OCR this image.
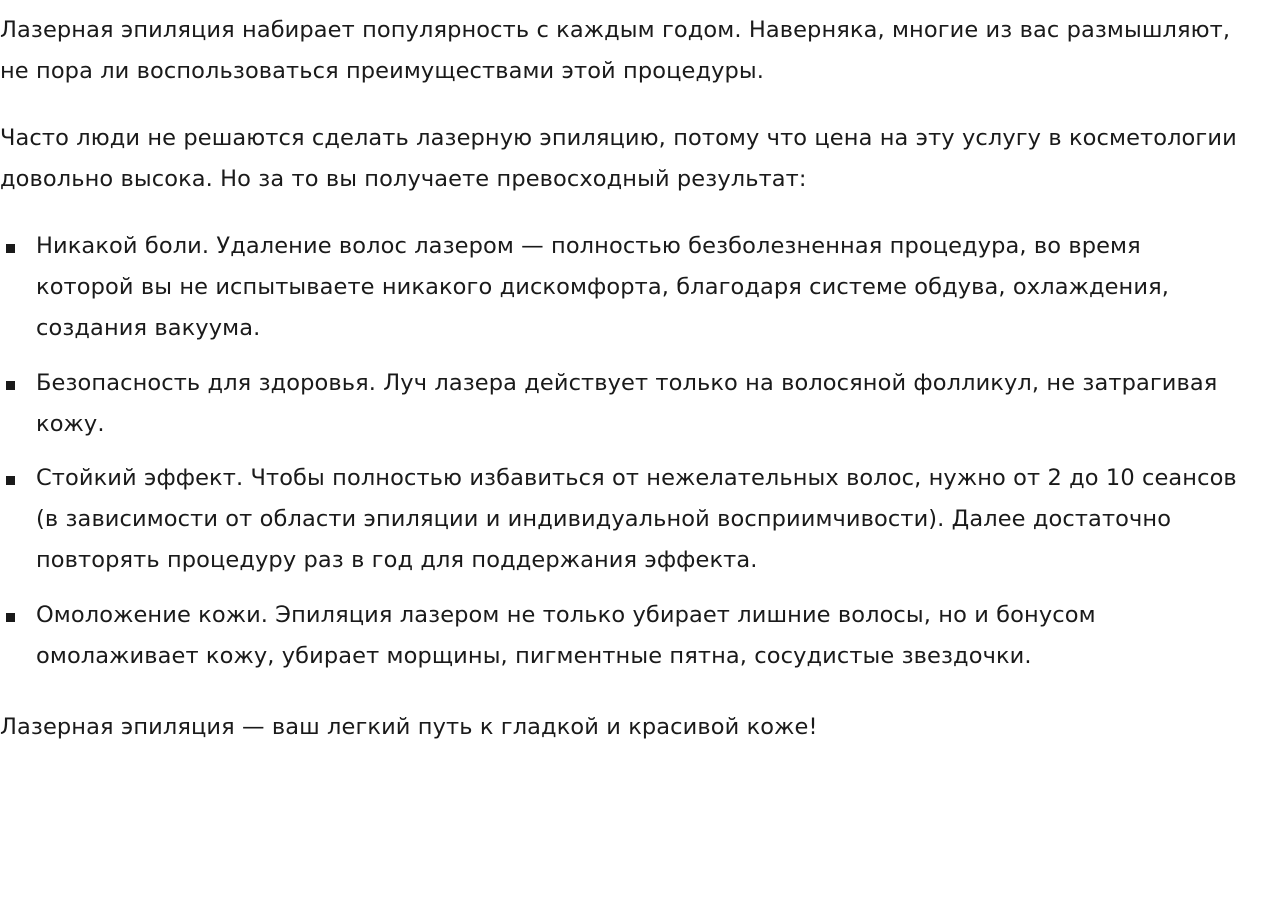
Лазерная эпиляция набирает популярность с каждым годом. Наверняка, многие из вас размышляют, не пора ли воспользоваться преимуществами этой процедуры.

Часто люди не решаются сделать лазерную эпиляцию, потому что цена на эту услугу в косметологии довольно высока. Но за то вы получаете превосходный результат:

Никакой боли. Удаление волос лазером — полностью безболезненная процедура, во время которой вы не испытываете никакого дискомфорта, благодаря системе обдува, охлаждения, создания вакуума.
Безопасность для здоровья. Луч лазера действует только на волосяной фолликул, не затрагивая кожу.
Стойкий эффект. Чтобы полностью избавиться от нежелательных волос, нужно от 2 до 10 сеансов (в зависимости от области эпиляции и индивидуальной восприимчивости). Далее достаточно повторять процедуру раз в год для поддержания эффекта.
Омоложение кожи. Эпиляция лазером не только убирает лишние волосы, но и бонусом омолаживает кожу, убирает морщины, пигментные пятна, сосудистые звездочки.

Лазерная эпиляция — ваш легкий путь к гладкой и красивой коже!
